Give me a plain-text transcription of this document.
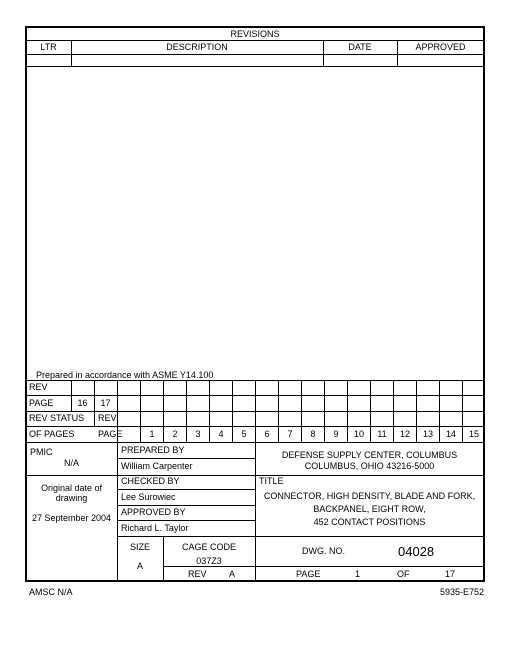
REVISIONS
LTR	DESCRIPTION	DATE	APPROVED
Prepared in accordance with ASME Y14.100
REV
PAGE	16	17
REV STATUS REV
OF PAGES	PAGE	1	2	3	4	5	6	7	8	9	10	11	12	13	14	15
PMIC
N/A
Original date of
drawing
27 September 2004
PREPARED BY
William Carpenter
CHECKED BY
Lee Surowiec
APPROVED BY
Richard L. Taylor
DEFENSE SUPPLY CENTER, COLUMBUS
COLUMBUS, OHIO 43216-5000
TITLE
CONNECTOR, HIGH DENSITY, BLADE AND FORK,
BACKPANEL, EIGHT ROW,
452 CONTACT POSITIONS
SIZE
A
CAGE CODE
037Z3
DWG. NO.	04028
REV A	PAGE	1	OF	17
AMSC N/A	5935-E752
